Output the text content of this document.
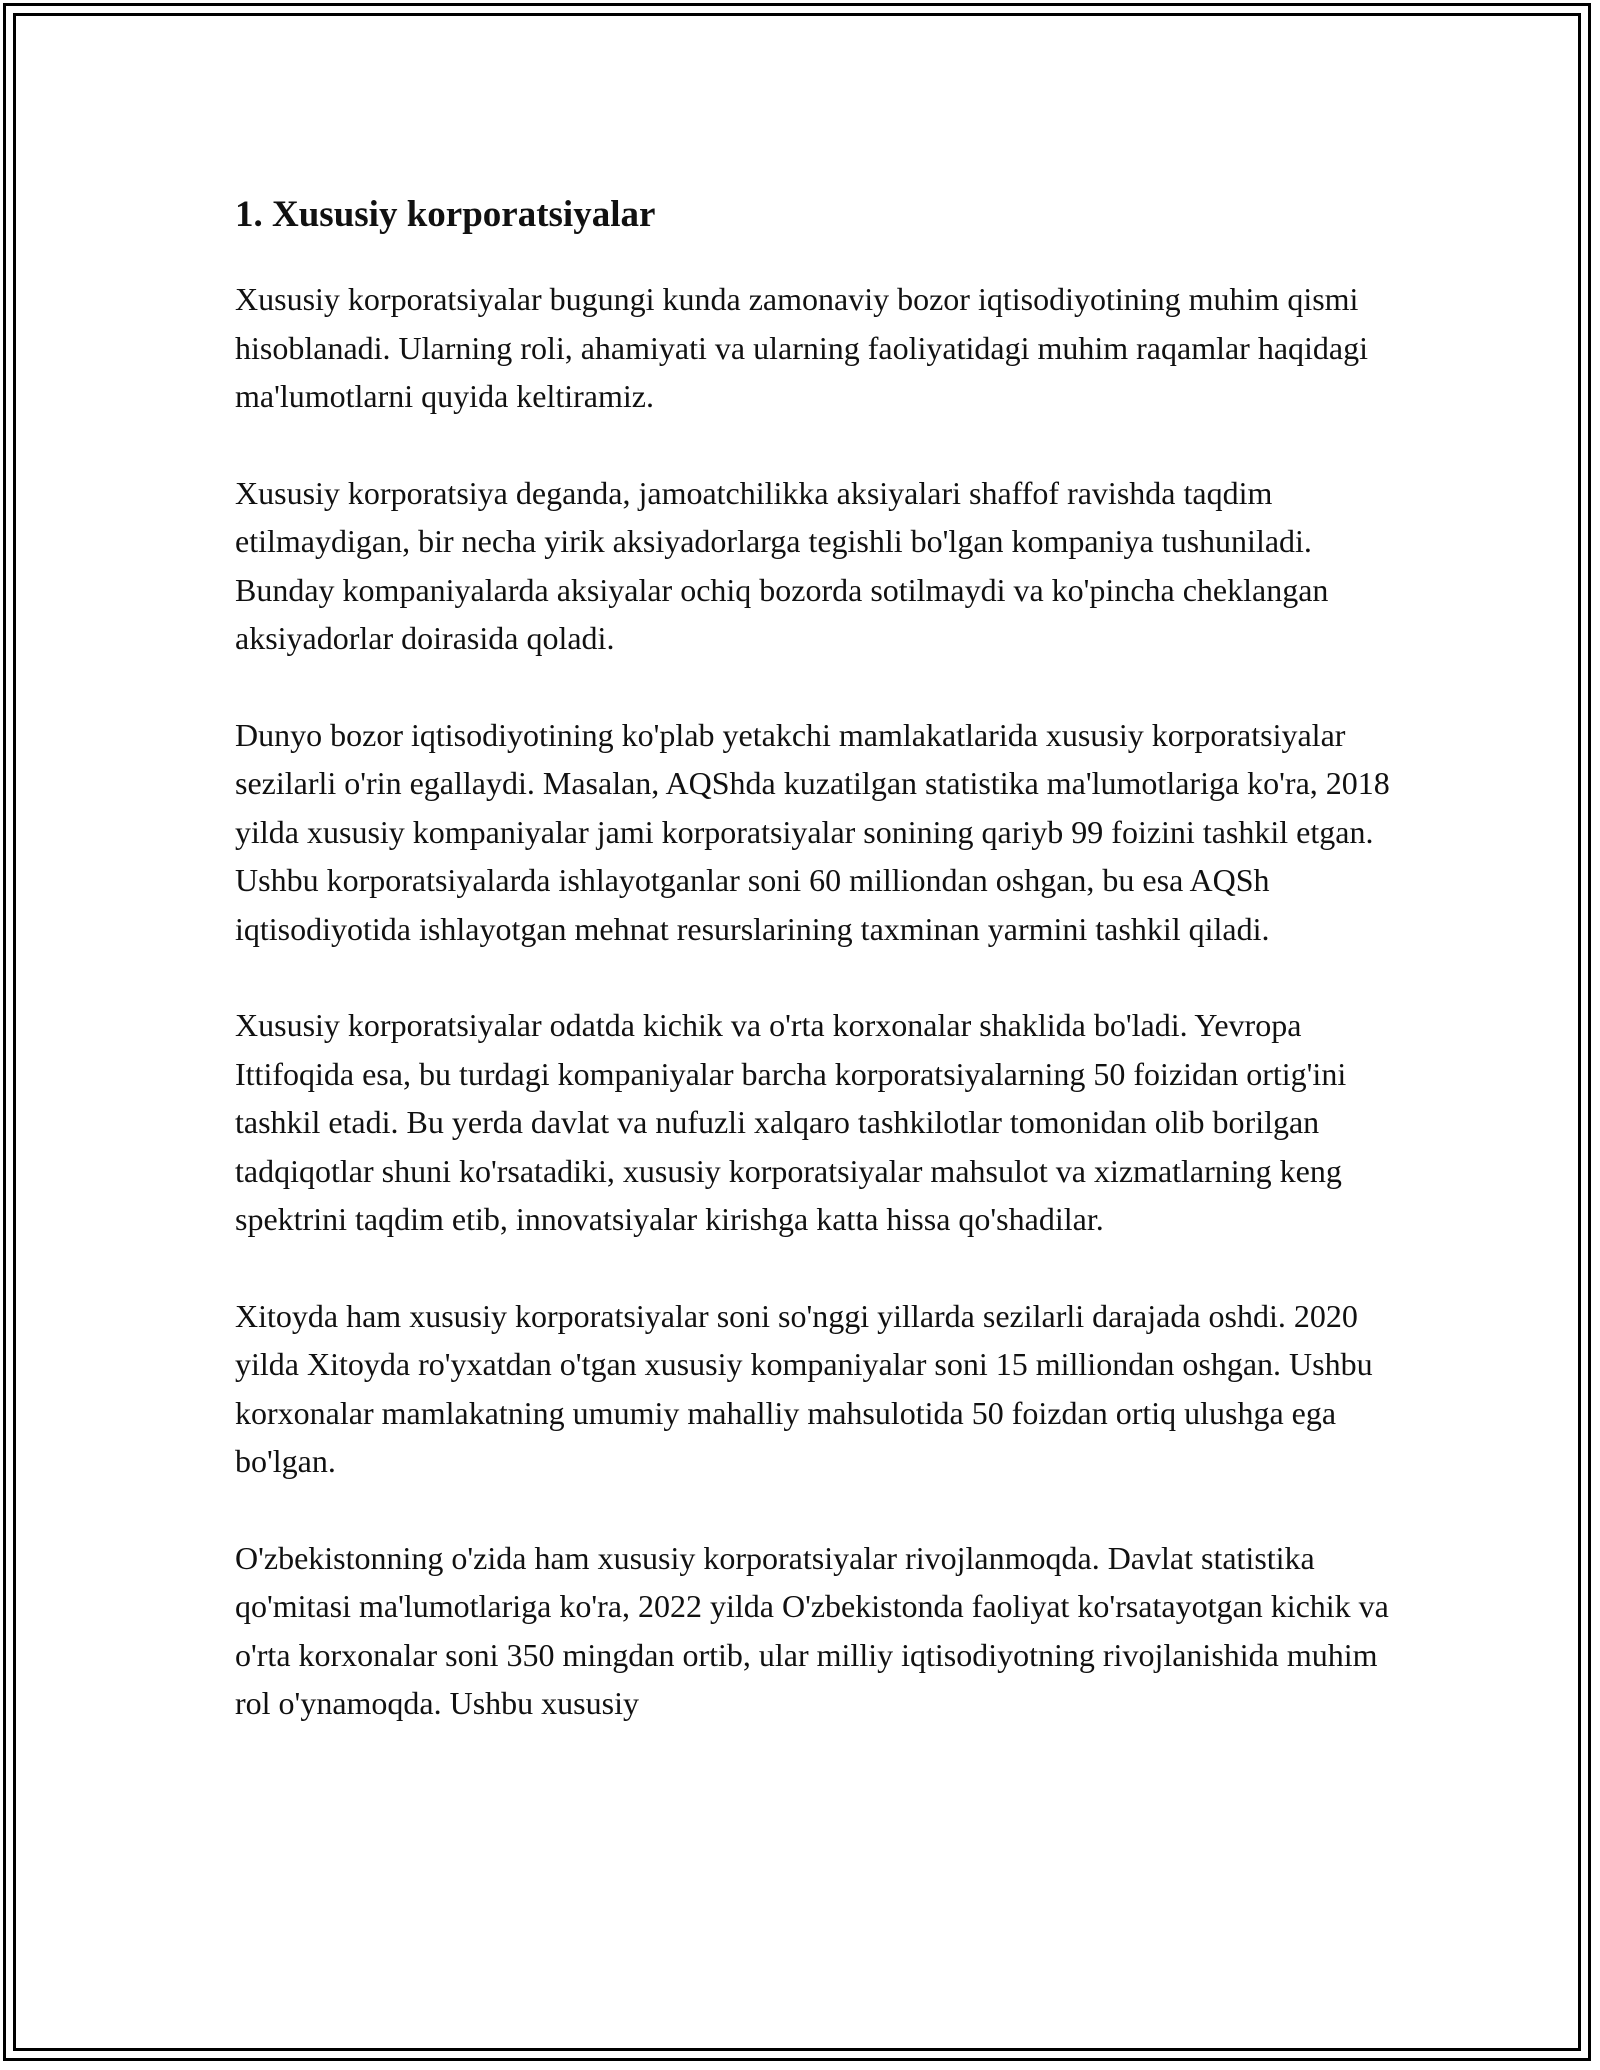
1. Xususiy korporatsiyalar

Xususiy korporatsiyalar bugungi kunda zamonaviy bozor iqtisodiyotining muhim qismi hisoblanadi. Ularning roli, ahamiyati va ularning faoliyatidagi muhim raqamlar haqidagi ma'lumotlarni quyida keltiramiz.

Xususiy korporatsiya deganda, jamoatchilikka aksiyalari shaffof ravishda taqdim etilmaydigan, bir necha yirik aksiyadorlarga tegishli bo'lgan kompaniya tushuniladi. Bunday kompaniyalarda aksiyalar ochiq bozorda sotilmaydi va ko'pincha cheklangan aksiyadorlar doirasida qoladi.

Dunyo bozor iqtisodiyotining ko'plab yetakchi mamlakatlarida xususiy korporatsiyalar sezilarli o'rin egallaydi. Masalan, AQShda kuzatilgan statistika ma'lumotlariga ko'ra, 2018 yilda xususiy kompaniyalar jami korporatsiyalar sonining qariyb 99 foizini tashkil etgan. Ushbu korporatsiyalarda ishlayotganlar soni 60 milliondan oshgan, bu esa AQSh iqtisodiyotida ishlayotgan mehnat resurslarining taxminan yarmini tashkil qiladi.

Xususiy korporatsiyalar odatda kichik va o'rta korxonalar shaklida bo'ladi. Yevropa Ittifoqida esa, bu turdagi kompaniyalar barcha korporatsiyalarning 50 foizidan ortig'ini tashkil etadi. Bu yerda davlat va nufuzli xalqaro tashkilotlar tomonidan olib borilgan tadqiqotlar shuni ko'rsatadiki, xususiy korporatsiyalar mahsulot va xizmatlarning keng spektrini taqdim etib, innovatsiyalar kirishga katta hissa qo'shadilar.

Xitoyda ham xususiy korporatsiyalar soni so'nggi yillarda sezilarli darajada oshdi. 2020 yilda Xitoyda ro'yxatdan o'tgan xususiy kompaniyalar soni 15 milliondan oshgan. Ushbu korxonalar mamlakatning umumiy mahalliy mahsulotida 50 foizdan ortiq ulushga ega bo'lgan.

O'zbekistonning o'zida ham xususiy korporatsiyalar rivojlanmoqda. Davlat statistika qo'mitasi ma'lumotlariga ko'ra, 2022 yilda O'zbekistonda faoliyat ko'rsatayotgan kichik va o'rta korxonalar soni 350 mingdan ortib, ular milliy iqtisodiyotning rivojlanishida muhim rol o'ynamoqda. Ushbu xususiy
